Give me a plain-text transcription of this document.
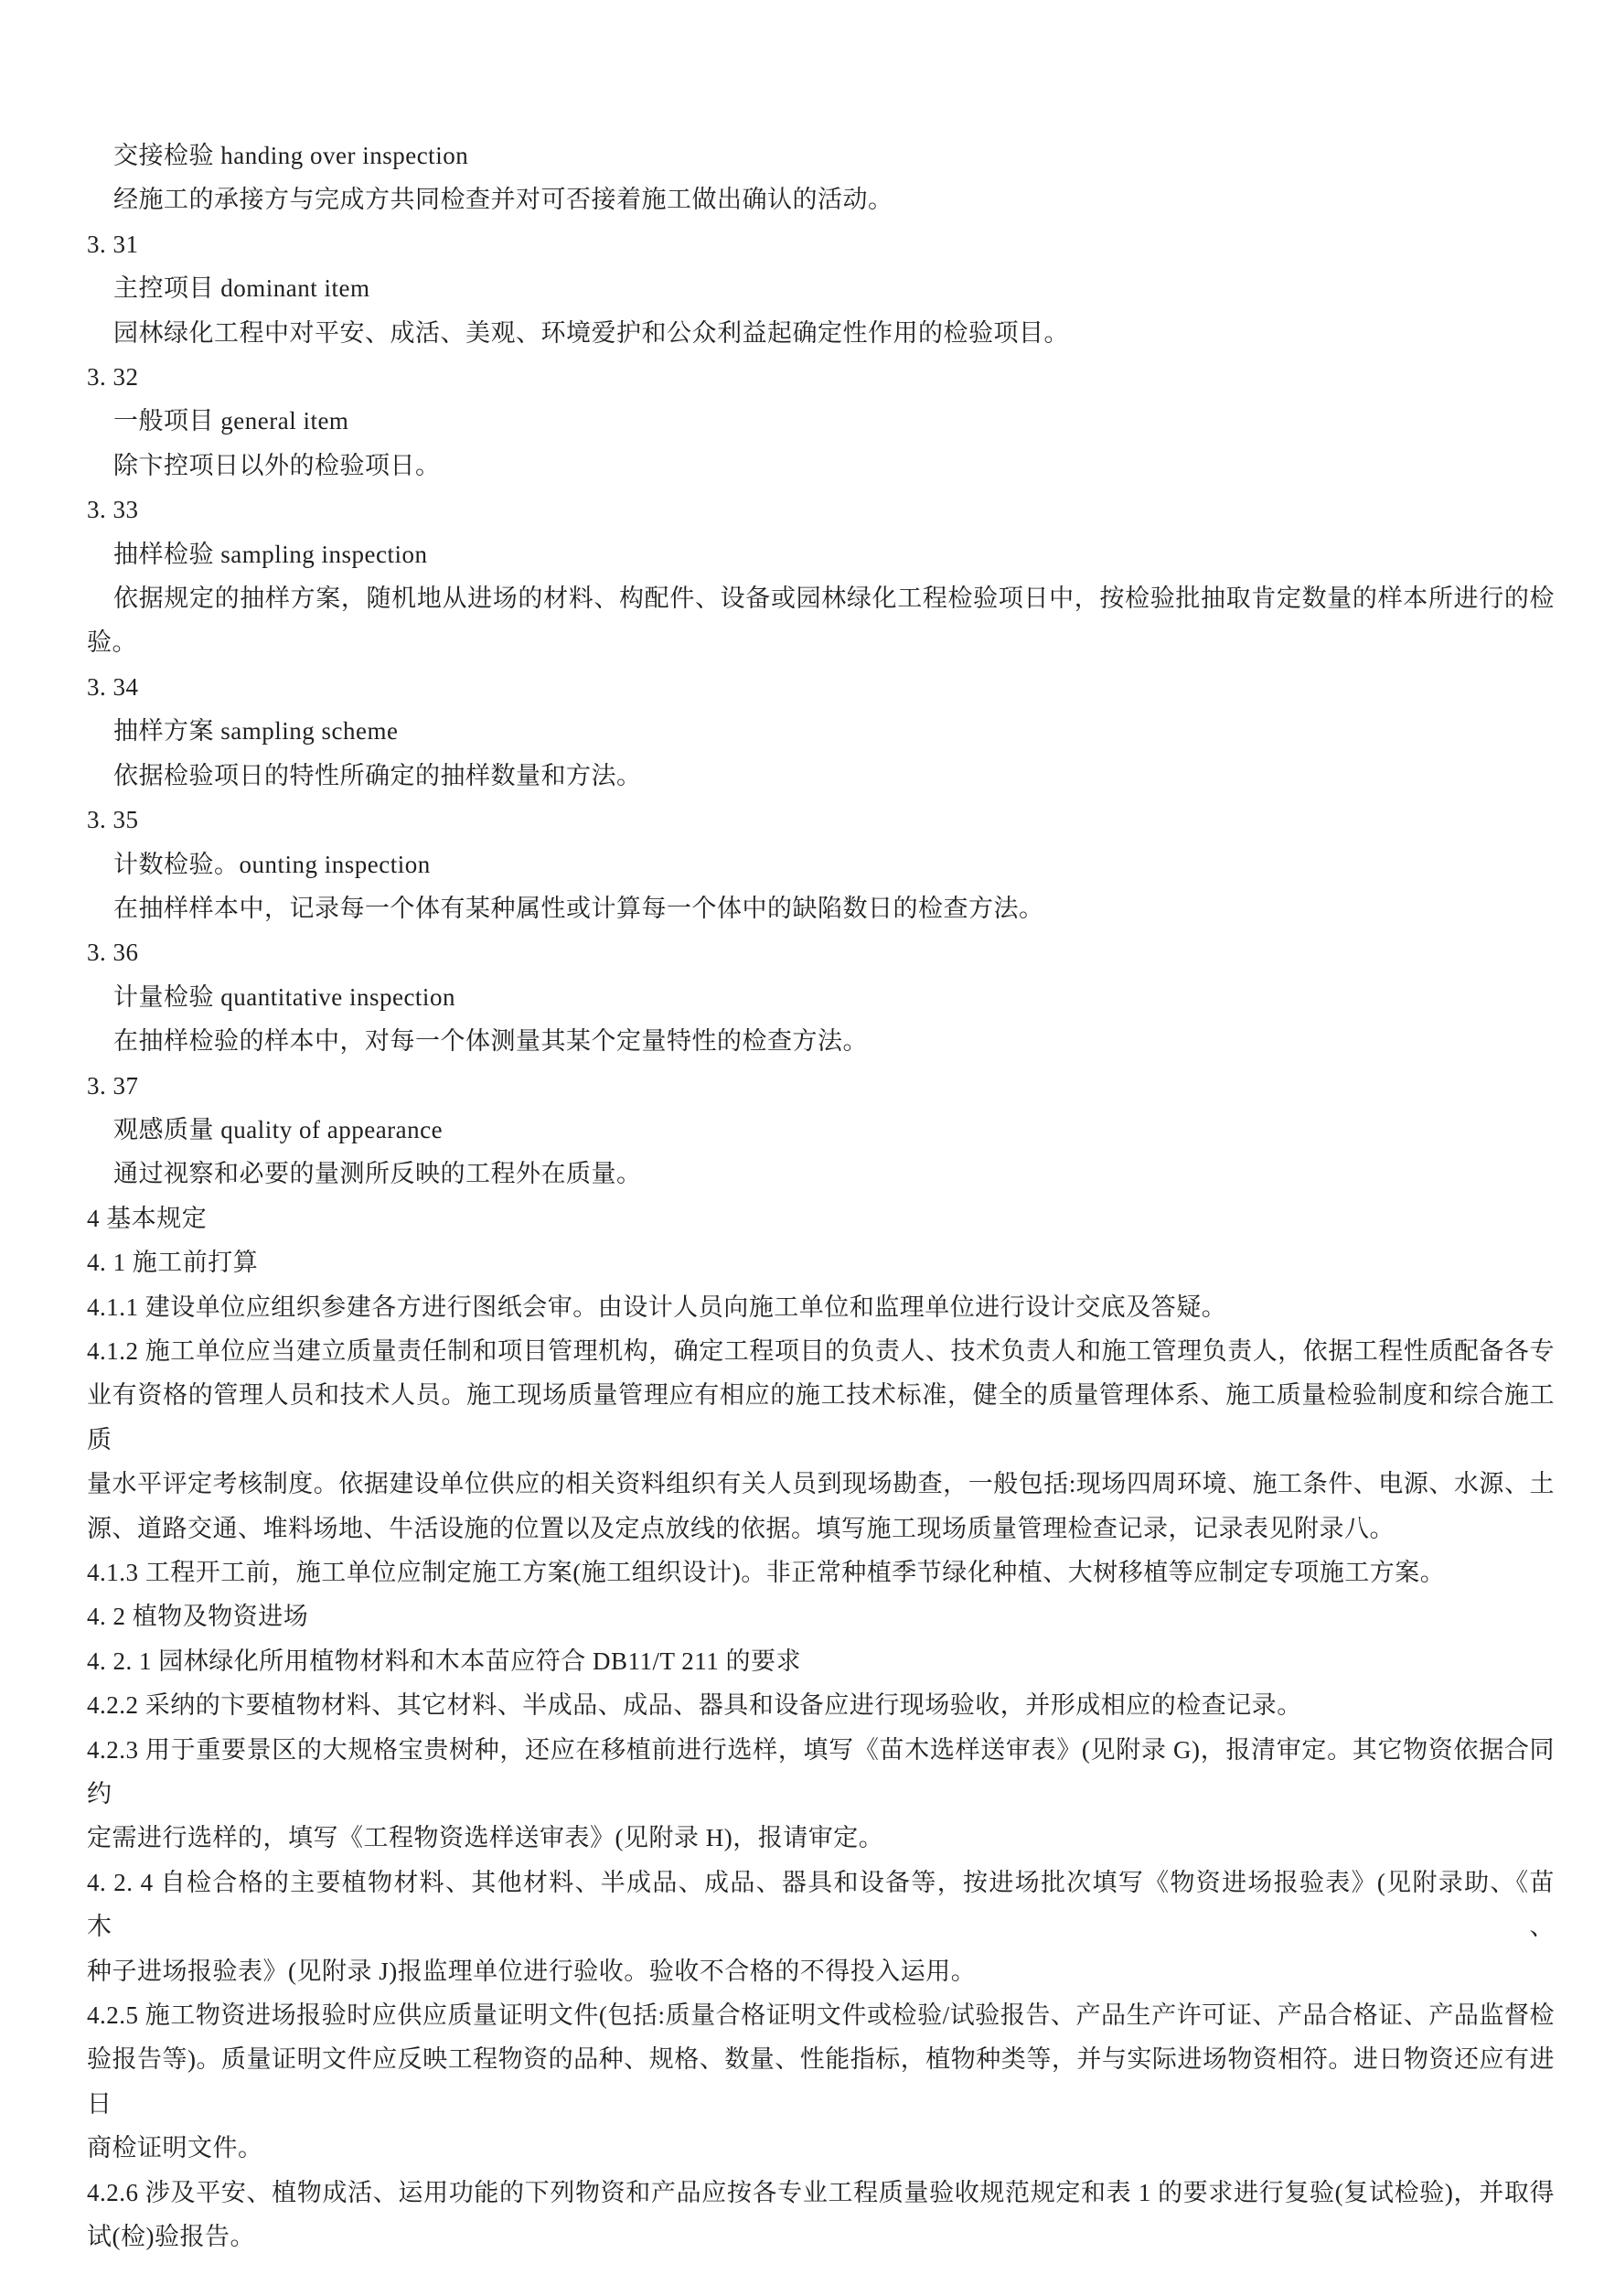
交接检验 handing over inspection
经施工的承接方与完成方共同检查并对可否接着施工做出确认的活动。
3. 31
主控项目 dominant item
园林绿化工程中对平安、成活、美观、环境爱护和公众利益起确定性作用的检验项目。
3. 32
一般项目 general item
除卞控项日以外的检验项日。
3. 33
抽样检验 sampling inspection
依据规定的抽样方案，随机地从进场的材料、构配件、设备或园林绿化工程检验项日中，按检验批抽取肯定数量的样本所进行的检
验。
3. 34
抽样方案 sampling scheme
依据检验项日的特性所确定的抽样数量和方法。
3. 35
计数检验。ounting inspection
在抽样样本中，记录每一个体有某种属性或计算每一个体中的缺陷数日的检查方法。
3. 36
计量检验 quantitative inspection
在抽样检验的样本中，对每一个体测量其某个定量特性的检查方法。
3. 37
观感质量 quality of appearance
通过视察和必要的量测所反映的工程外在质量。
4 基本规定
4. 1 施工前打算
4.1.1 建设单位应组织参建各方进行图纸会审。由设计人员向施工单位和监理单位进行设计交底及答疑。
4.1.2 施工单位应当建立质量责任制和项目管理机构，确定工程项目的负责人、技术负责人和施工管理负责人，依据工程性质配备各专
业有资格的管理人员和技术人员。施工现场质量管理应有相应的施工技术标准，健全的质量管理体系、施工质量检验制度和综合施工质
量水平评定考核制度。依据建设单位供应的相关资料组织有关人员到现场勘查，一般包括:现场四周环境、施工条件、电源、水源、土
源、道路交通、堆料场地、牛活设施的位置以及定点放线的依据。填写施工现场质量管理检查记录，记录表见附录八。
4.1.3 工程开工前，施工单位应制定施工方案(施工组织设计)。非正常种植季节绿化种植、大树移植等应制定专项施工方案。
4. 2 植物及物资进场
4. 2. 1 园林绿化所用植物材料和木本苗应符合 DB11/T 211 的要求
4.2.2 采纳的卞要植物材料、其它材料、半成品、成品、器具和设备应进行现场验收，并形成相应的检查记录。
4.2.3 用于重要景区的大规格宝贵树种，还应在移植前进行选样，填写《苗木选样送审表》(见附录 G)，报清审定。其它物资依据合同约
定需进行选样的，填写《工程物资选样送审表》(见附录 H)，报请审定。
4. 2. 4 自检合格的主要植物材料、其他材料、半成品、成品、器具和设备等，按进场批次填写《物资进场报验表》(见附录助、《苗木、
种子进场报验表》(见附录 J)报监理单位进行验收。验收不合格的不得投入运用。
4.2.5 施工物资进场报验时应供应质量证明文件(包括:质量合格证明文件或检验/试验报告、产品生产许可证、产品合格证、产品监督检
验报告等)。质量证明文件应反映工程物资的品种、规格、数量、性能指标，植物种类等，并与实际进场物资相符。进日物资还应有进日
商检证明文件。
4.2.6 涉及平安、植物成活、运用功能的下列物资和产品应按各专业工程质量验收规范规定和表 1 的要求进行复验(复试检验)，并取得
试(检)验报告。
